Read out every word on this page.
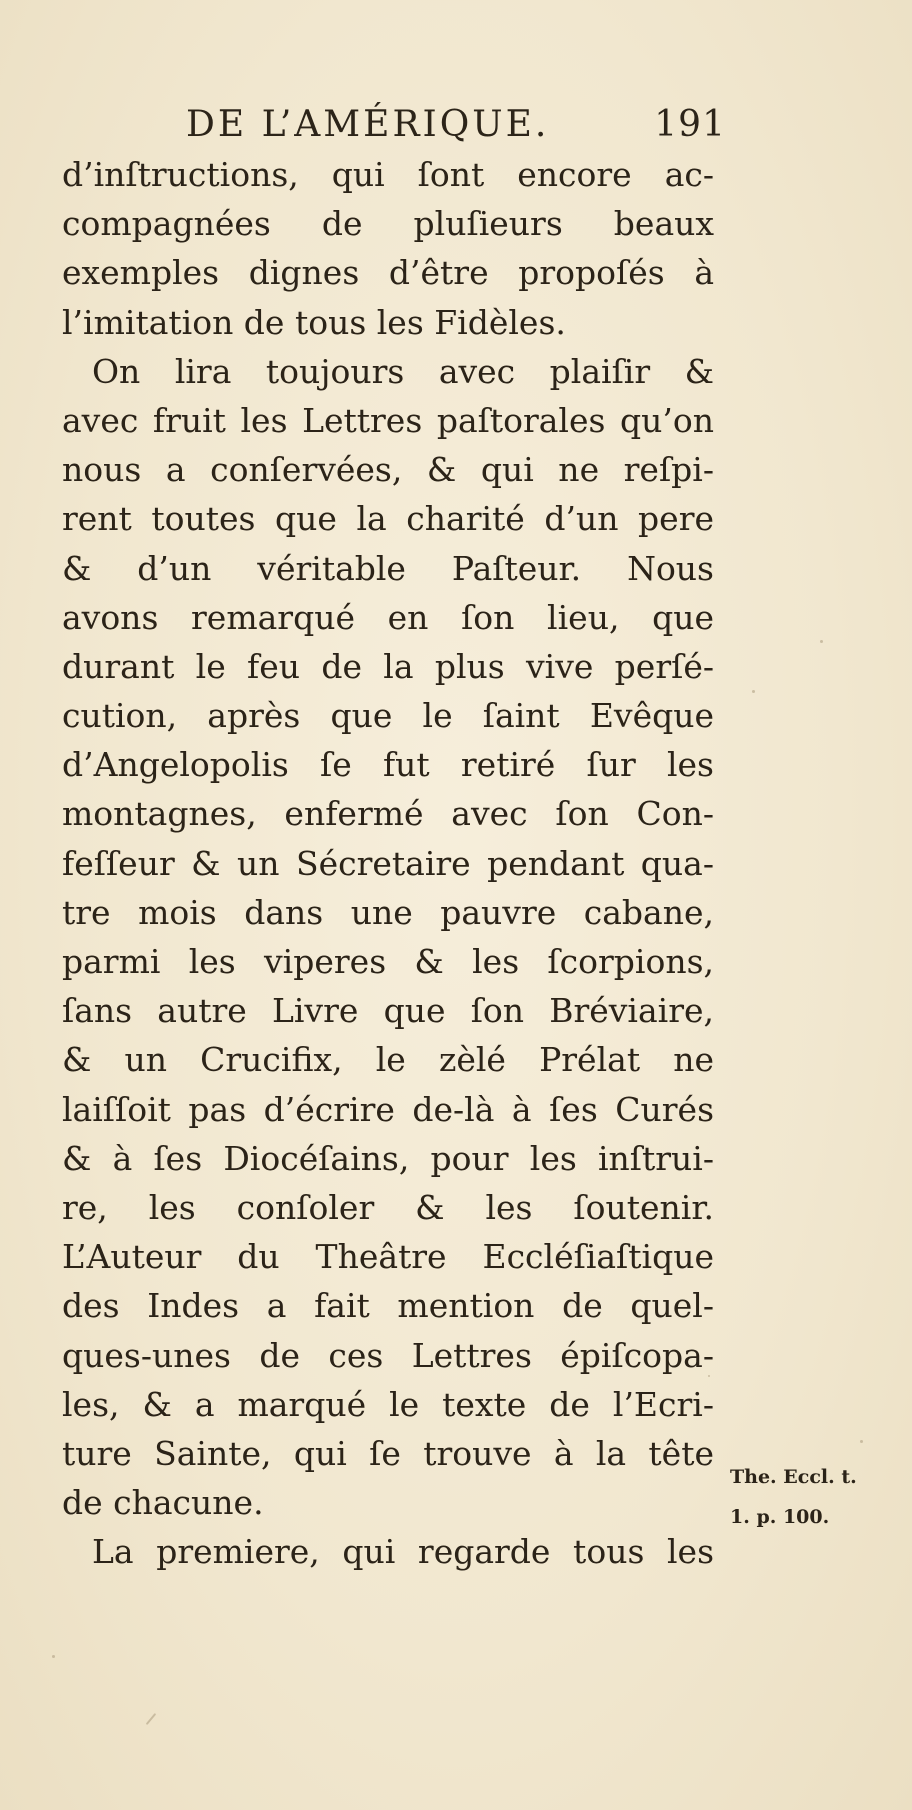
DE L’AMÉRIQUE.	191
d’inſtructions, qui ſont encore ac-
compagnées de pluſieurs beaux
exemples dignes d’être propoſés à
l’imitation de tous les Fidèles.
On lira toujours avec plaiſir &
avec fruit les Lettres paſtorales qu’on
nous a conſervées, & qui ne reſpi-
rent toutes que la charité d’un pere
& d’un véritable Paſteur. Nous
avons remarqué en ſon lieu, que
durant le feu de la plus vive perſé-
cution, après que le ſaint Evêque
d’Angelopolis ſe fut retiré ſur les
montagnes, enfermé avec ſon Con-
feſſeur & un Sécretaire pendant qua-
tre mois dans une pauvre cabane,
parmi les viperes & les ſcorpions,
ſans autre Livre que ſon Bréviaire,
& un Crucifix, le zèlé Prélat ne
laiſſoit pas d’écrire de-là à ſes Curés
& à ſes Diocéſains, pour les inſtrui-
re, les conſoler & les ſoutenir.
L’Auteur du Theâtre Eccléſiaſtique
des Indes a fait mention de quel-
ques-unes de ces Lettres épiſcopa-
les, & a marqué le texte de l’Ecri-
ture Sainte, qui ſe trouve à la tête
de chacune.
La premiere, qui regarde tous les
The. Eccl. t.
1. p. 100.
